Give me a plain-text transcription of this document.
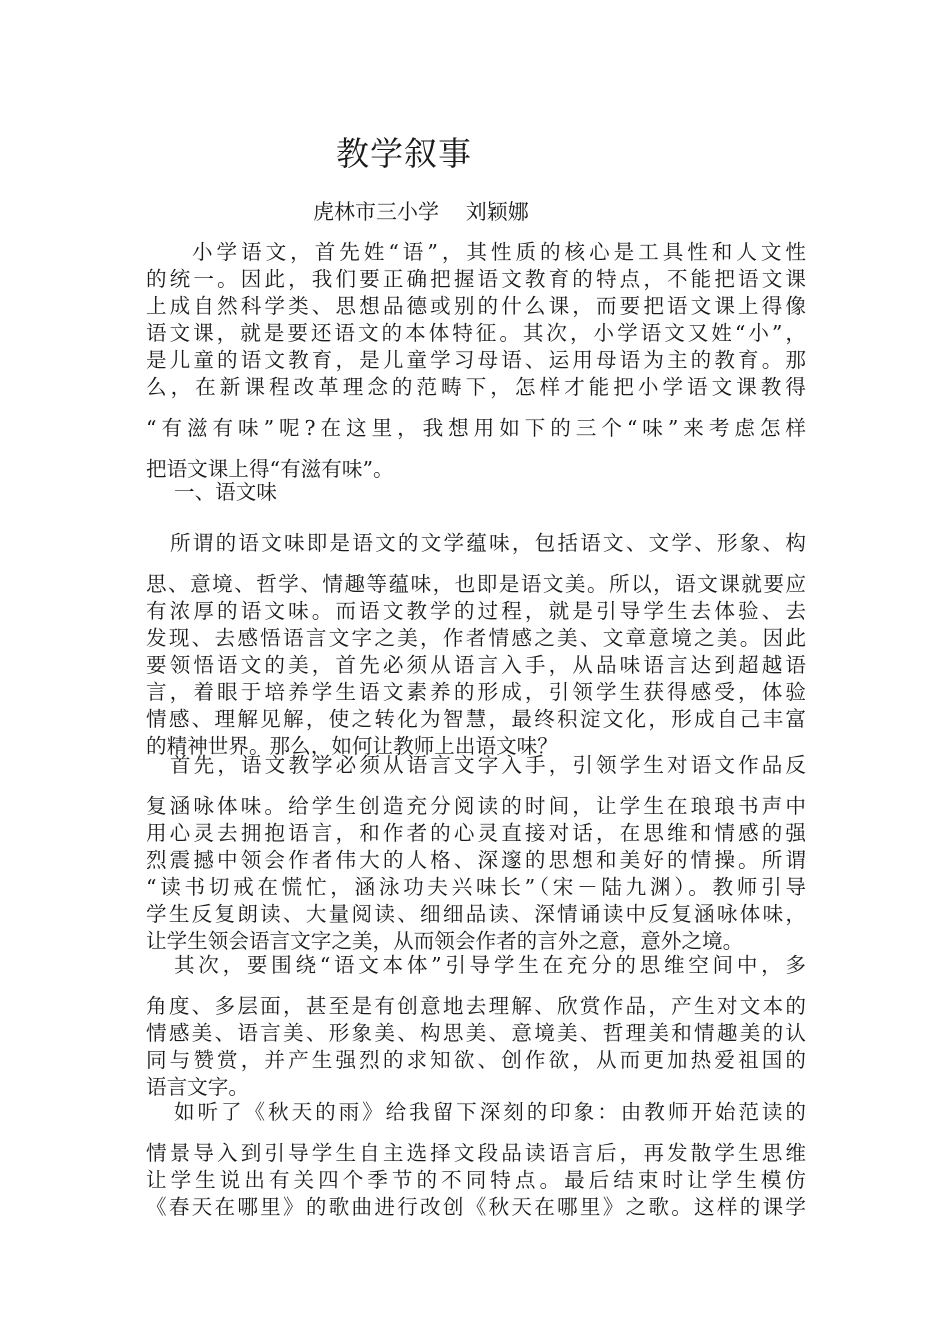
教学叙事
虎林市三小学    刘颖娜
小学语文，首先姓“语”，其性质的核心是工具性和人文性
的统一。因此，我们要正确把握语文教育的特点，不能把语文课
上成自然科学类、思想品德或别的什么课，而要把语文课上得像
语文课，就是要还语文的本体特征。其次，小学语文又姓“小”，
是儿童的语文教育，是儿童学习母语、运用母语为主的教育。那
么，在新课程改革理念的范畴下，怎样才能把小学语文课教得
“有滋有味”呢?在这里，我想用如下的三个“味”来考虑怎样
把语文课上得“有滋有味”。
一、语文味
所谓的语文味即是语文的文学蕴味，包括语文、文学、形象、构
思、意境、哲学、情趣等蕴味，也即是语文美。所以，语文课就要应
有浓厚的语文味。而语文教学的过程，就是引导学生去体验、去
发现、去感悟语言文字之美，作者情感之美、文章意境之美。因此
要领悟语文的美，首先必须从语言入手，从品味语言达到超越语
言，着眼于培养学生语文素养的形成，引领学生获得感受，体验
情感、理解见解，使之转化为智慧，最终积淀文化，形成自己丰富
的精神世界。那么，如何让教师上出语文味？
首先，语文教学必须从语言文字入手，引领学生对语文作品反
复涵咏体味。给学生创造充分阅读的时间，让学生在琅琅书声中
用心灵去拥抱语言，和作者的心灵直接对话，在思维和情感的强
烈震撼中领会作者伟大的人格、深邃的思想和美好的情操。所谓
“读书切戒在慌忙，涵泳功夫兴味长”（宋－陆九渊）。教师引导
学生反复朗读、大量阅读、细细品读、深情诵读中反复涵咏体味，
让学生领会语言文字之美，从而领会作者的言外之意，意外之境。
其次，要围绕“语文本体”引导学生在充分的思维空间中，多
角度、多层面，甚至是有创意地去理解、欣赏作品，产生对文本的
情感美、语言美、形象美、构思美、意境美、哲理美和情趣美的认
同与赞赏，并产生强烈的求知欲、创作欲，从而更加热爱祖国的
语言文字。
如听了《秋天的雨》给我留下深刻的印象：由教师开始范读的
情景导入到引导学生自主选择文段品读语言后，再发散学生思维
让学生说出有关四个季节的不同特点。最后结束时让学生模仿
《春天在哪里》的歌曲进行改创《秋天在哪里》之歌。这样的课学
